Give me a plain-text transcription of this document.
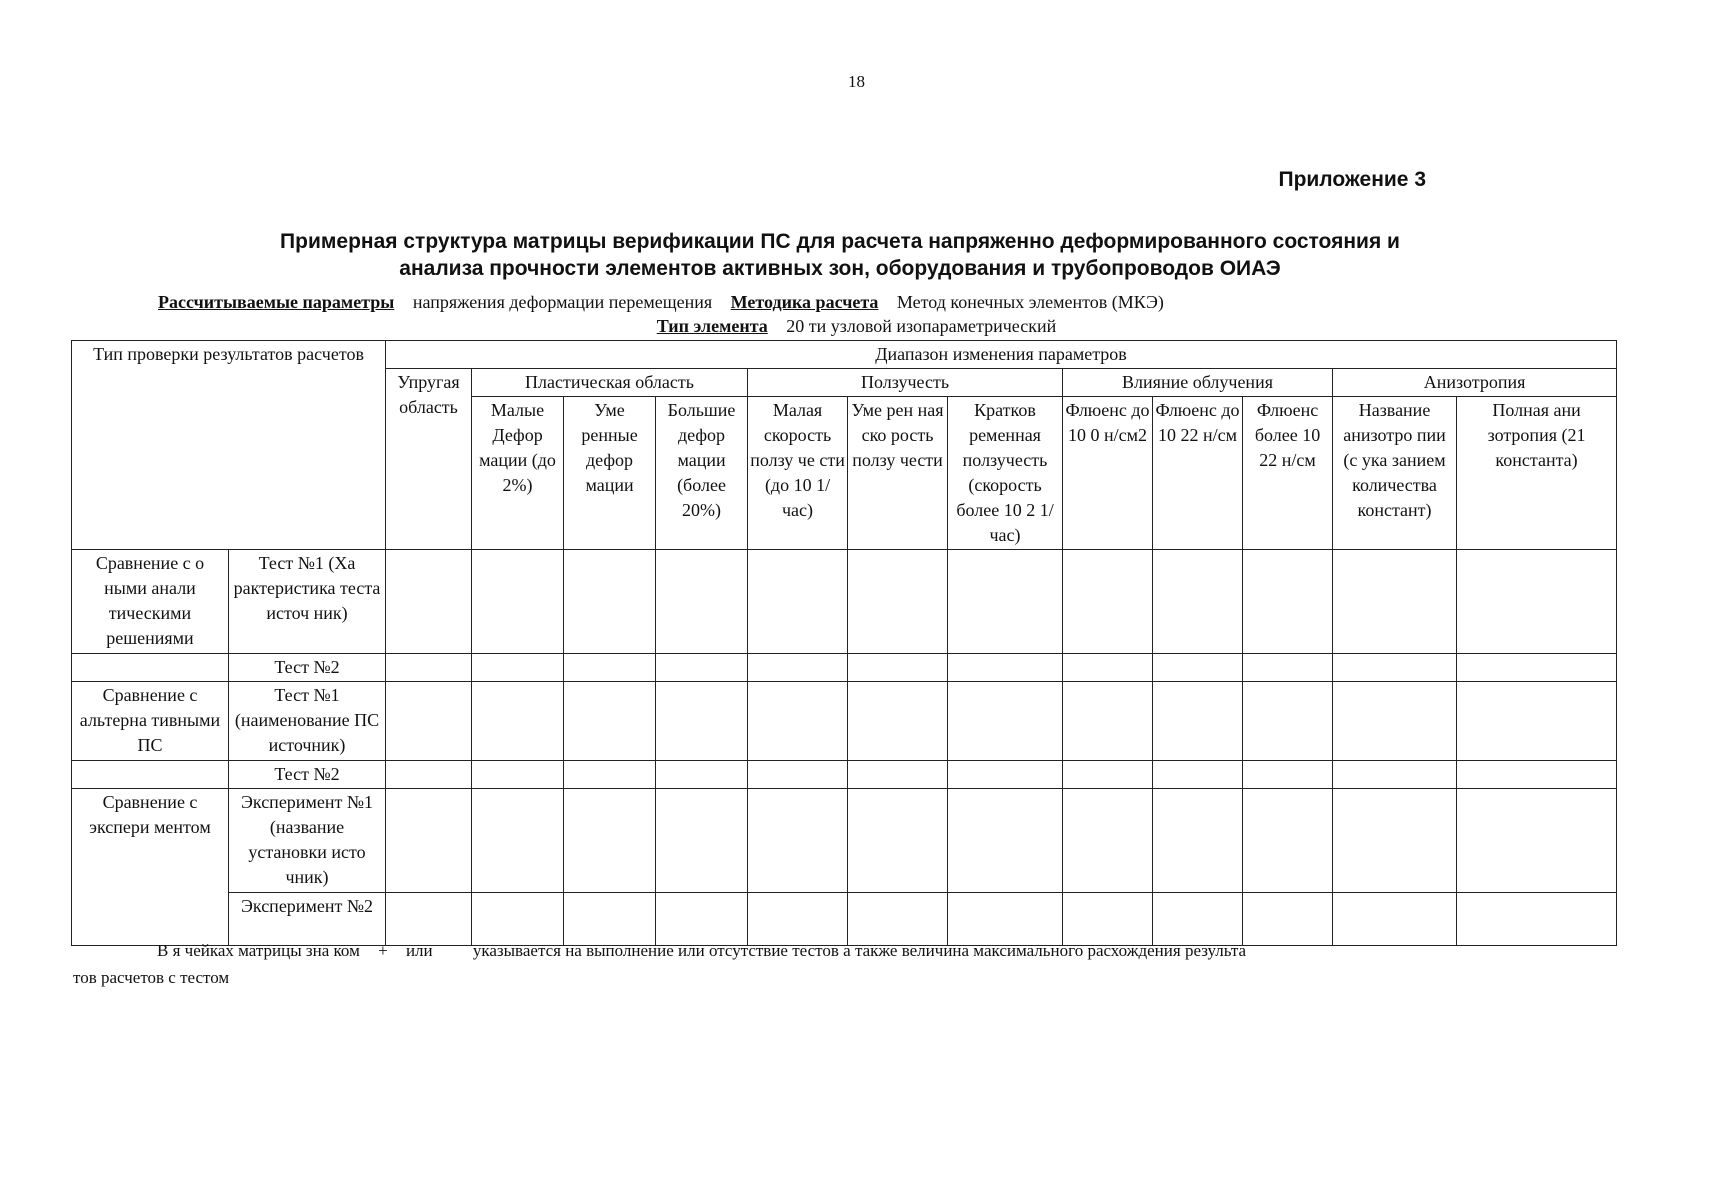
18
Приложение 3
Примерная структура матрицы верификации ПС для расчета напряженно деформированного состояния и
анализа прочности элементов активных зон, оборудования и трубопроводов ОИАЭ
Рассчитываемые параметры напряжения деформации перемещения Методика расчета Метод конечных элементов (МКЭ)
Тип элемента 20 ти узловой изопараметрический
Тип проверки результатов расчетов		Диапазон изменения параметров											
		Упругая область	Пластическая область			Ползучесть			Влияние облучения			Анизотропия	
			Малые Дефор мации (до 2%)	Уме ренные дефор мации	Большие дефор мации (более 20%)	Малая скорость ползу че сти (до 10 1/час)	Уме рен ная ско рость ползу чести	Кратков ременная ползучесть (скорость более 10 2 1/час)	Флюенс до 10 0 н/см2	Флюенс до 10 22 н/см	Флюенс более 10 22 н/см	Название анизотро пии (с ука занием количества констант)	Полная ани зотропия (21 константа)
Сравнение с о ными анали тическими решениями	Тест №1 (Ха рактеристика теста источ ник)												
	Тест №2												
Сравнение с альтерна тивными ПС	Тест №1 (наименование ПС источник)												
	Тест №2												
Сравнение с экспери ментом	Эксперимент №1 (название установки исто чник)												
	Эксперимент №2												
В я чейках матрицы зна ком + или указывается на выполнение или отсутствие тестов а также величина максимального расхождения результа
тов расчетов с тестом
